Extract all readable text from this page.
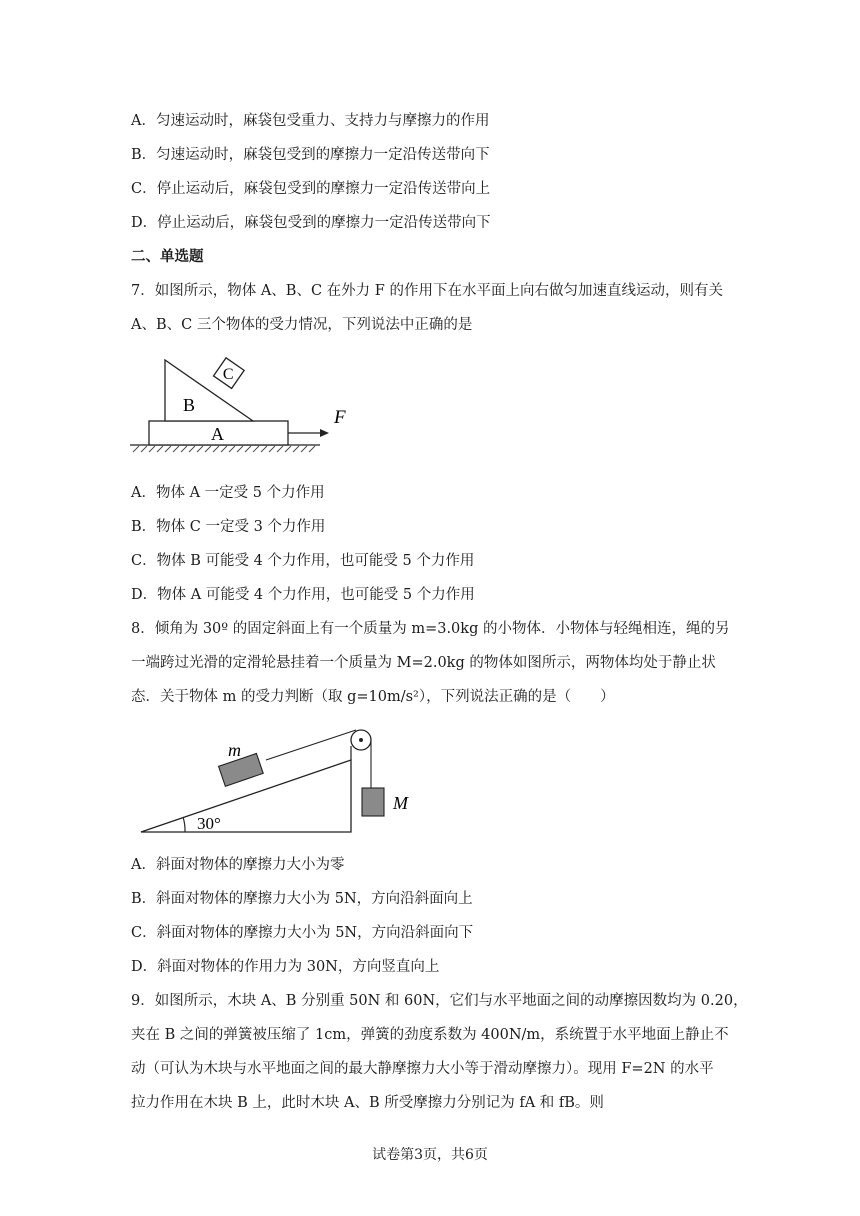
A．匀速运动时，麻袋包受重力、支持力与摩擦力的作用
B．匀速运动时，麻袋包受到的摩擦力一定沿传送带向下
C．停止运动后，麻袋包受到的摩擦力一定沿传送带向上
D．停止运动后，麻袋包受到的摩擦力一定沿传送带向下
二、单选题
7．如图所示，物体 A、B、C 在外力 F 的作用下在水平面上向右做匀加速直线运动，则有关
A、B、C 三个物体的受力情况，下列说法中正确的是
A
B
C
F
A．物体 A 一定受 5 个力作用
B．物体 C 一定受 3 个力作用
C．物体 B 可能受 4 个力作用，也可能受 5 个力作用
D．物体 A 可能受 4 个力作用，也可能受 5 个力作用
8．倾角为 30º 的固定斜面上有一个质量为 m=3.0kg 的小物体．小物体与轻绳相连，绳的另
一端跨过光滑的定滑轮悬挂着一个质量为 M=2.0kg 的物体如图所示，两物体均处于静止状
态．关于物体 m 的受力判断（取 g=10m/s²），下列说法正确的是（　　）
30°
m
M
A．斜面对物体的摩擦力大小为零
B．斜面对物体的摩擦力大小为 5N，方向沿斜面向上
C．斜面对物体的摩擦力大小为 5N，方向沿斜面向下
D．斜面对物体的作用力为 30N，方向竖直向上
9．如图所示，木块 A、B 分别重 50N 和 60N，它们与水平地面之间的动摩擦因数均为 0.20，
夹在 B 之间的弹簧被压缩了 1cm，弹簧的劲度系数为 400N/m，系统置于水平地面上静止不
动（可认为木块与水平地面之间的最大静摩擦力大小等于滑动摩擦力）。现用 F=2N 的水平
拉力作用在木块 B 上，此时木块 A、B 所受摩擦力分别记为 fA 和 fB。则
试卷第3页，共6页
